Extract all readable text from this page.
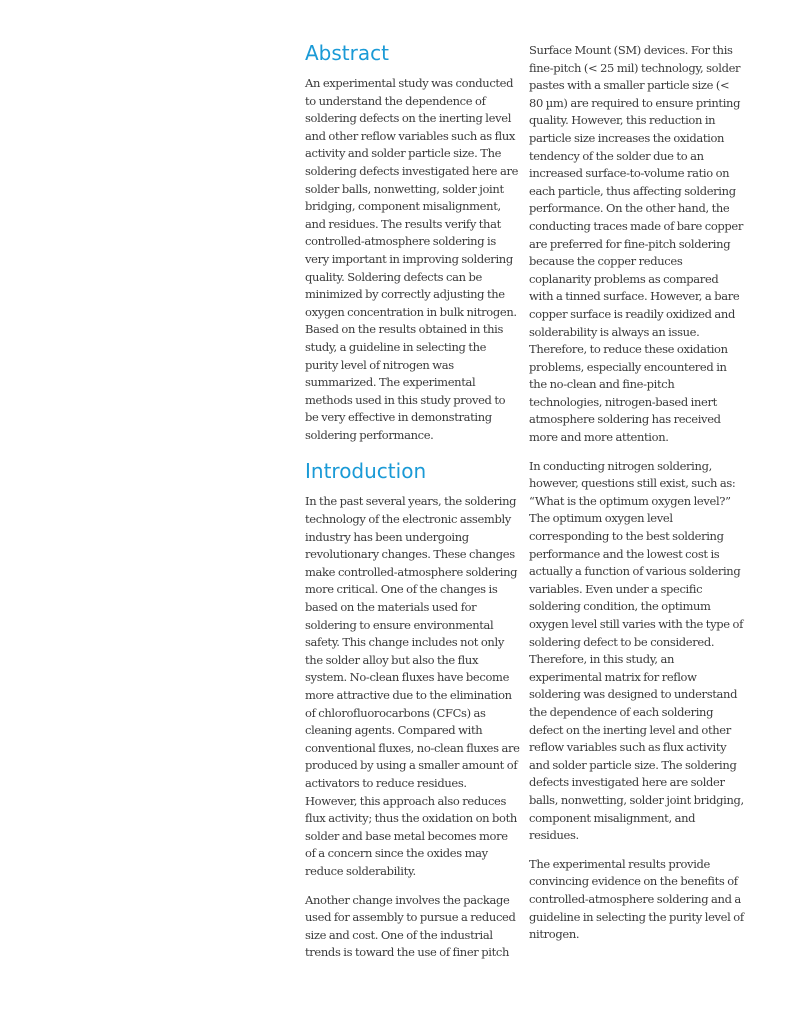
Abstract

An experimental study was conducted to understand the dependence of soldering defects on the inerting level and other reflow variables such as flux activity and solder particle size. The soldering defects investigated here are solder balls, nonwetting, solder joint bridging, component misalignment, and residues. The results verify that controlled-atmosphere soldering is very important in improving soldering quality. Soldering defects can be minimized by correctly adjusting the oxygen concentration in bulk nitrogen. Based on the results obtained in this study, a guideline in selecting the purity level of nitrogen was summarized. The experimental methods used in this study proved to be very effective in demonstrating soldering performance.

Introduction

In the past several years, the soldering technology of the electronic assembly industry has been undergoing revolutionary changes. These changes make controlled-atmosphere soldering more critical. One of the changes is based on the materials used for soldering to ensure environmental safety. This change includes not only the solder alloy but also the flux system. No-clean fluxes have become more attractive due to the elimination of chlorofluorocarbons (CFCs) as cleaning agents. Compared with conventional fluxes, no-clean fluxes are produced by using a smaller amount of activators to reduce residues. However, this approach also reduces flux activity; thus the oxidation on both solder and base metal becomes more of a concern since the oxides may reduce solderability.

Another change involves the package used for assembly to pursue a reduced size and cost. One of the industrial trends is toward the use of finer pitch

Surface Mount (SM) devices. For this fine-pitch (< 25 mil) technology, solder pastes with a smaller particle size (< 80 µm) are required to ensure printing quality. However, this reduction in particle size increases the oxidation tendency of the solder due to an increased surface-to-volume ratio on each particle, thus affecting soldering performance. On the other hand, the conducting traces made of bare copper are preferred for fine-pitch soldering because the copper reduces coplanarity problems as compared with a tinned surface. However, a bare copper surface is readily oxidized and solderability is always an issue. Therefore, to reduce these oxidation problems, especially encountered in the no-clean and fine-pitch technologies, nitrogen-based inert atmosphere soldering has received more and more attention.

In conducting nitrogen soldering, however, questions still exist, such as: “What is the optimum oxygen level?” The optimum oxygen level corresponding to the best soldering performance and the lowest cost is actually a function of various soldering variables. Even under a specific soldering condition, the optimum oxygen level still varies with the type of soldering defect to be considered. Therefore, in this study, an experimental matrix for reflow soldering was designed to understand the dependence of each soldering defect on the inerting level and other reflow variables such as flux activity and solder particle size. The soldering defects investigated here are solder balls, nonwetting, solder joint bridging, component misalignment, and residues.

The experimental results provide convincing evidence on the benefits of controlled-atmosphere soldering and a guideline in selecting the purity level of nitrogen.
